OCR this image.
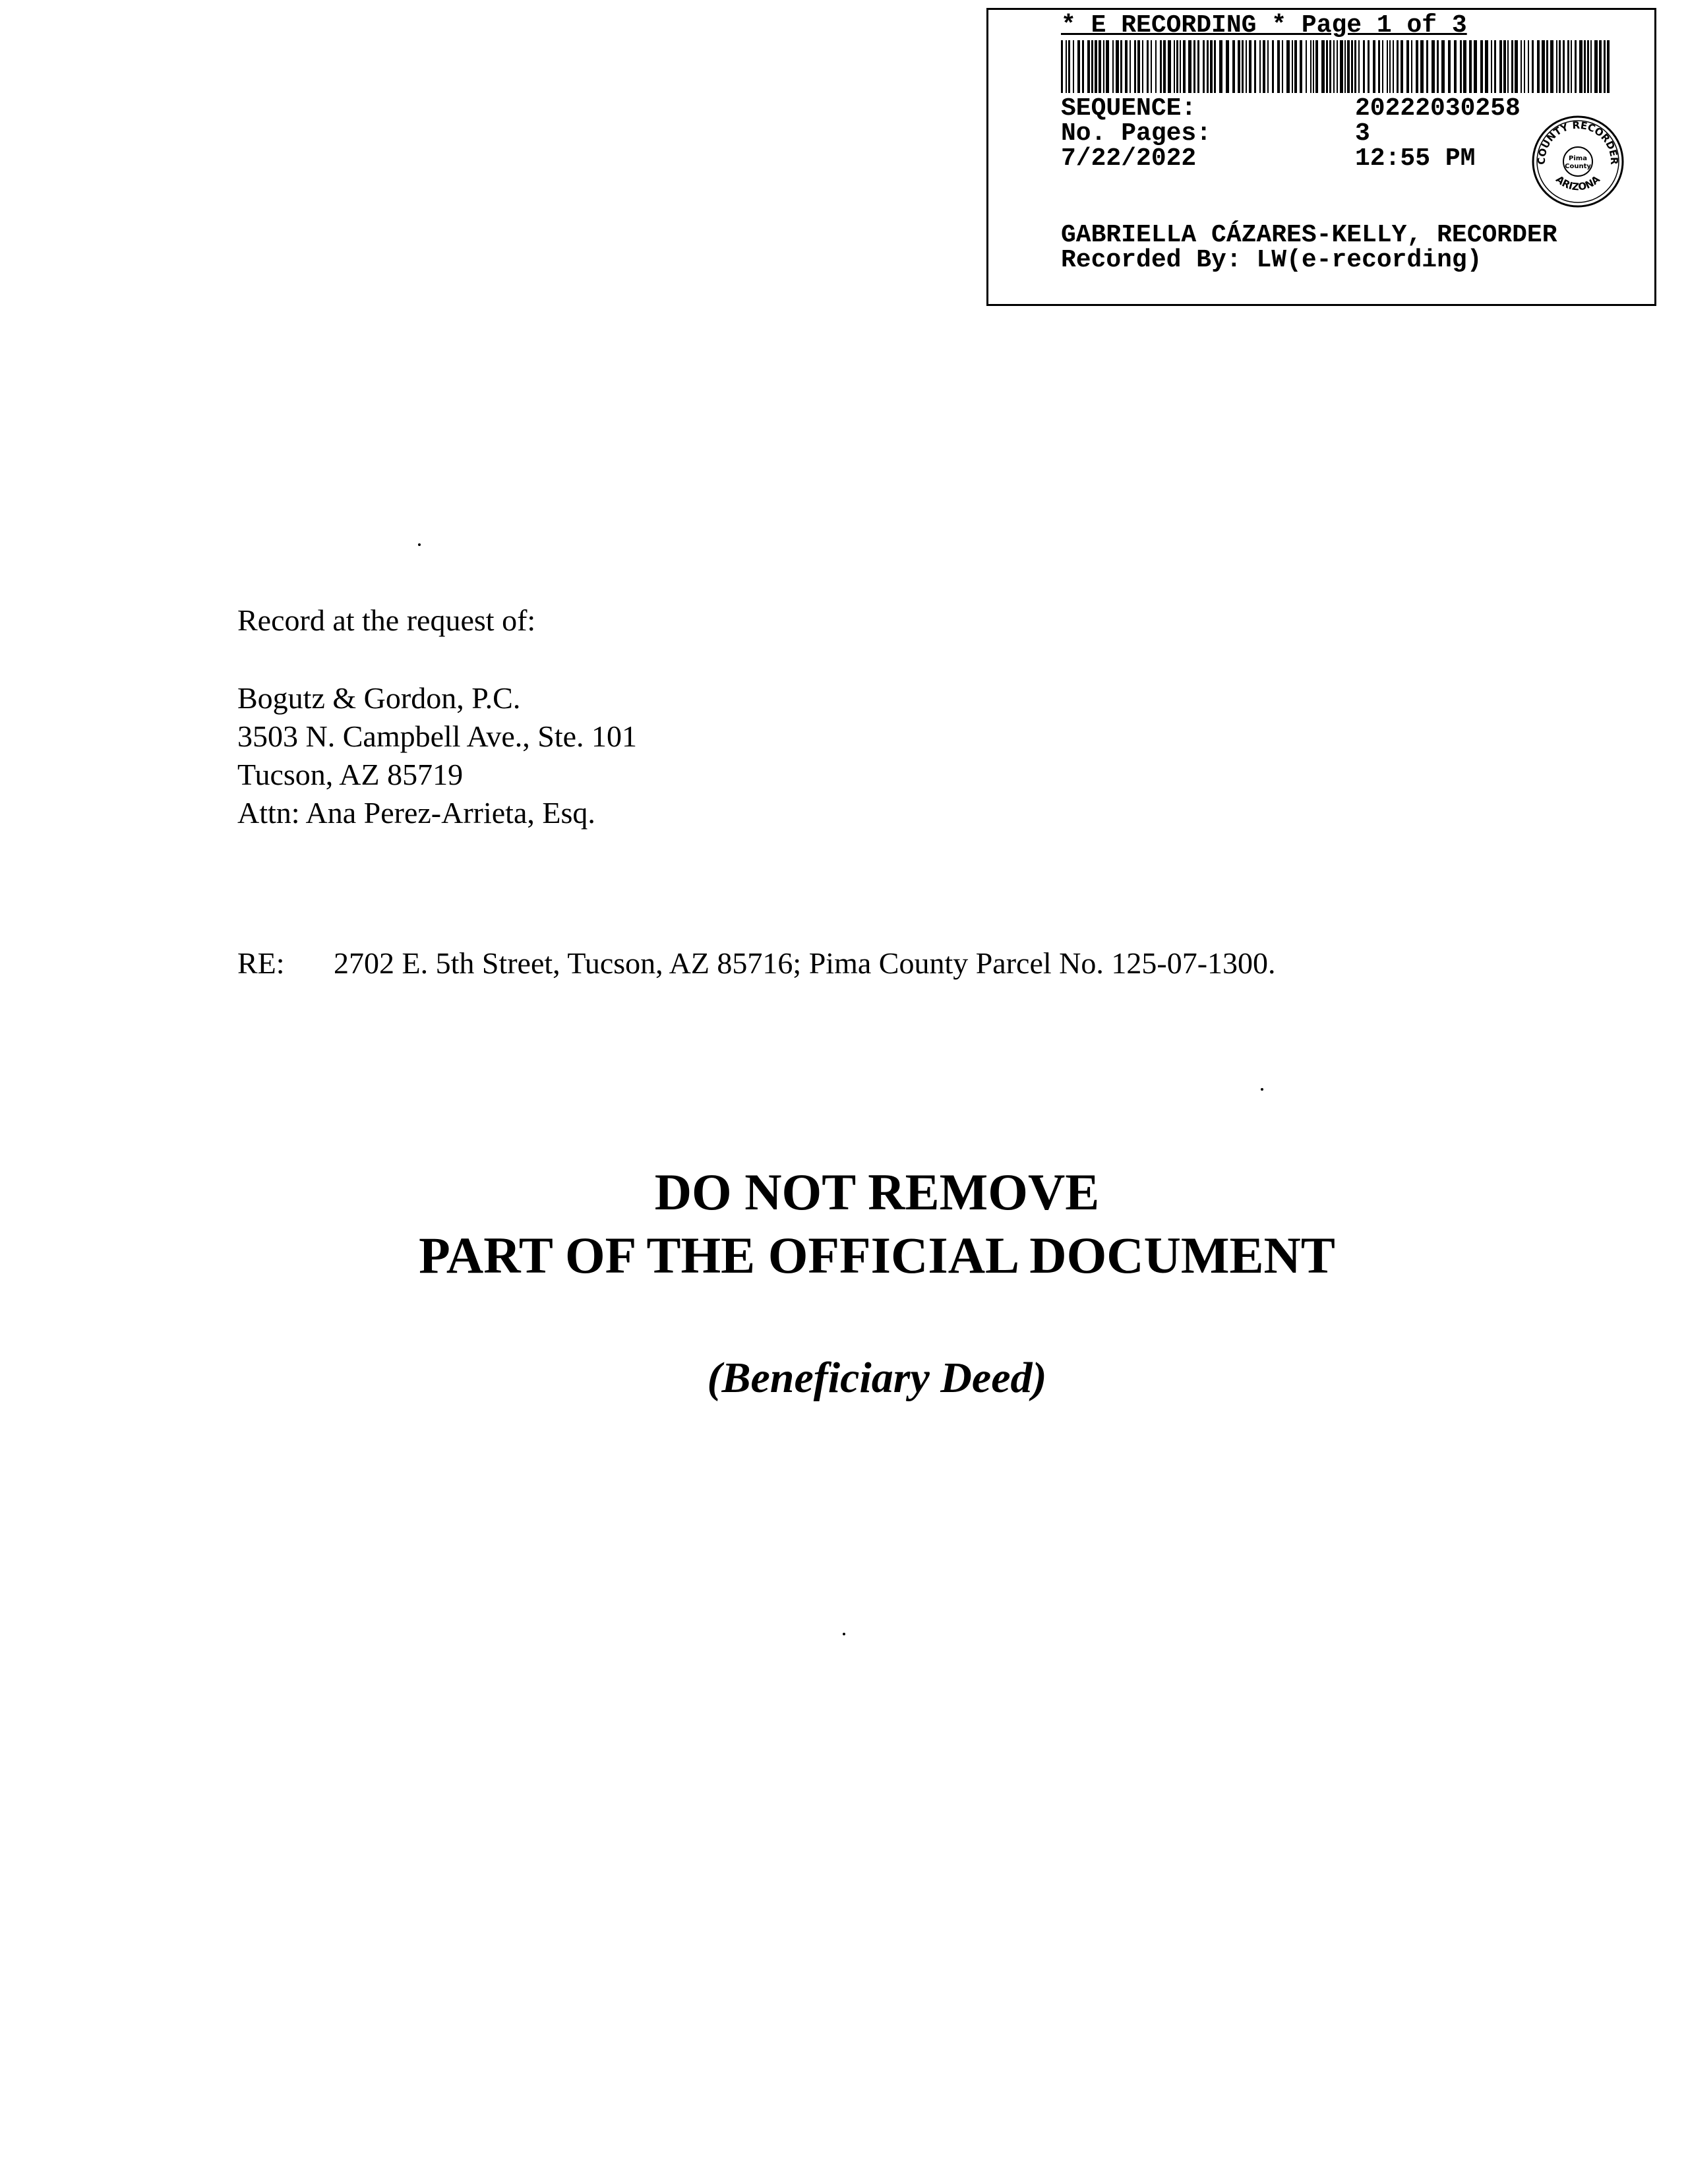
* E RECORDING * Page 1 of 3
SEQUENCE:	20222030258
No. Pages:	3
7/22/2022	12:55 PM	COUNTY RECORDER
ARIZONA
Pima
County
GABRIELLA CÁZARES-KELLY, RECORDER
Recorded By: LW(e-recording)
Record at the request of:
Bogutz & Gordon, P.C.
3503 N. Campbell Ave., Ste. 101
Tucson, AZ 85719
Attn: Ana Perez-Arrieta, Esq.
RE: 2702 E. 5th Street, Tucson, AZ 85716; Pima County Parcel No. 125-07-1300.
DO NOT REMOVE
PART OF THE OFFICIAL DOCUMENT
(Beneficiary Deed)
